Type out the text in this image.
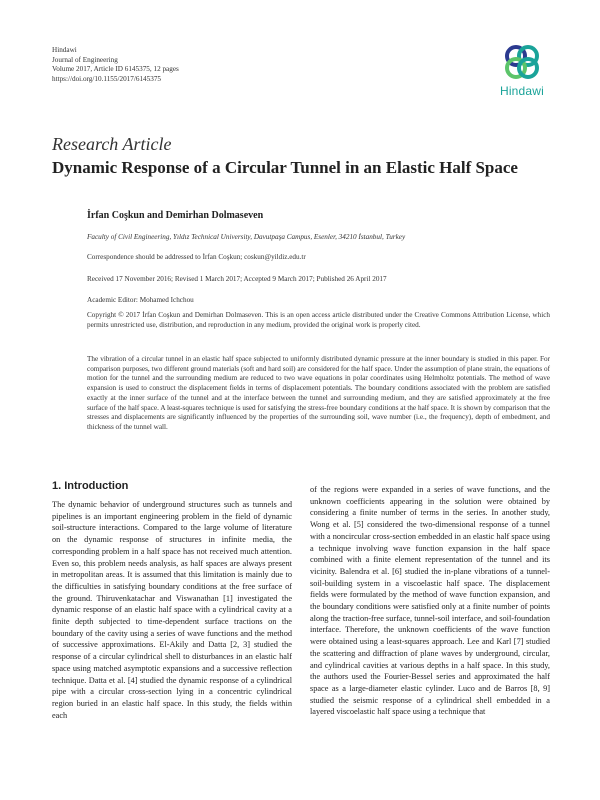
Hindawi
Journal of Engineering
Volume 2017, Article ID 6145375, 12 pages
https://doi.org/10.1155/2017/6145375
Hindawi
Research Article
Dynamic Response of a Circular Tunnel in an Elastic Half Space
İrfan Coşkun and Demirhan Dolmaseven
Faculty of Civil Engineering, Yıldız Technical University, Davutpaşa Campus, Esenler, 34210 İstanbul, Turkey
Correspondence should be addressed to İrfan Coşkun; coskun@yildiz.edu.tr
Received 17 November 2016; Revised 1 March 2017; Accepted 9 March 2017; Published 26 April 2017
Academic Editor: Mohamed Ichchou
Copyright © 2017 İrfan Coşkun and Demirhan Dolmaseven. This is an open access article distributed under the Creative Commons Attribution License, which permits unrestricted use, distribution, and reproduction in any medium, provided the original work is properly cited.
The vibration of a circular tunnel in an elastic half space subjected to uniformly distributed dynamic pressure at the inner boundary is studied in this paper. For comparison purposes, two different ground materials (soft and hard soil) are considered for the half space. Under the assumption of plane strain, the equations of motion for the tunnel and the surrounding medium are reduced to two wave equations in polar coordinates using Helmholtz potentials. The method of wave expansion is used to construct the displacement fields in terms of displacement potentials. The boundary conditions associated with the problem are satisfied exactly at the inner surface of the tunnel and at the interface between the tunnel and surrounding medium, and they are satisfied approximately at the free surface of the half space. A least-squares technique is used for satisfying the stress-free boundary conditions at the half space. It is shown by comparison that the stresses and displacements are significantly influenced by the properties of the surrounding soil, wave number (i.e., the frequency), depth of embedment, and thickness of the tunnel wall.
1. Introduction

The dynamic behavior of underground structures such as tunnels and pipelines is an important engineering problem in the field of dynamic soil-structure interactions. Compared to the large volume of literature on the dynamic response of structures in infinite media, the corresponding problem in a half space has not received much attention. Even so, this problem needs analysis, as half spaces are always present in metropolitan areas. It is assumed that this limitation is mainly due to the difficulties in satisfying boundary conditions at the free surface of the ground. Thiruvenkatachar and Viswanathan [1] investigated the dynamic response of an elastic half space with a cylindrical cavity at a finite depth subjected to time-dependent surface tractions on the boundary of the cavity using a series of wave functions and the method of successive approximations. El-Akily and Datta [2, 3] studied the response of a circular cylindrical shell to disturbances in an elastic half space using matched asymptotic expansions and a successive reflection technique. Datta et al. [4] studied the dynamic response of a cylindrical pipe with a circular cross-section lying in a concentric cylindrical region buried in an elastic half space. In this study, the fields within each

of the regions were expanded in a series of wave functions, and the unknown coefficients appearing in the solution were obtained by considering a finite number of terms in the series. In another study, Wong et al. [5] considered the two-dimensional response of a tunnel with a noncircular cross-section embedded in an elastic half space using a technique involving wave function expansion in the half space combined with a finite element representation of the tunnel and its vicinity. Balendra et al. [6] studied the in-plane vibrations of a tunnel-soil-building system in a viscoelastic half space. The displacement fields were formulated by the method of wave function expansion, and the boundary conditions were satisfied only at a finite number of points along the traction-free surface, tunnel-soil interface, and soil-foundation interface. Therefore, the unknown coefficients of the wave function were obtained using a least-squares approach. Lee and Karl [7] studied the scattering and diffraction of plane waves by underground, circular, and cylindrical cavities at various depths in a half space. In this study, the authors used the Fourier-Bessel series and approximated the half space as a large-diameter elastic cylinder. Luco and de Barros [8, 9] studied the seismic response of a cylindrical shell embedded in a layered viscoelastic half space using a technique that
